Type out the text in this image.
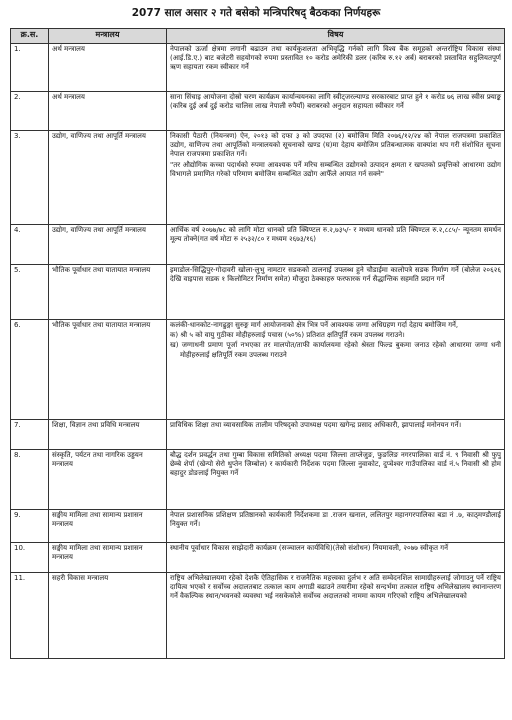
2077 साल असार २ गते बसेको मन्त्रिपरिषद् बैठकका निर्णयहरू
क्र.स.	मन्त्रालय	विषय
1.	अर्थ मन्त्रालय	नेपालको ऊर्जा क्षेत्रमा लगानी बढाउन तथा कार्यकुशलता अभिवृद्धि गर्नको लागि विश्व बैंक समूहको अन्तर्राष्ट्रिय विकास संस्था (आई.डि.ए.) बाट बजेटरी सहयोगको रुपमा प्रस्तावित १० करोड अमेरिकी डलर (करिब रु.१२ अर्ब) बराबरको प्रस्तावित सहुलियतपूर्ण ऋण सहायता रकम स्वीकार गर्ने
2.	अर्थ मन्त्रालय	साना सिंचाइ आयोजना दोस्रो चरण कार्यक्रम कार्यान्वयनका लागि स्वीट्जरल्याण्ड सरकारबाट प्राप्त हुने १ करोड ७६ लाख स्वीस फ्र्याङ्क (करिब दुई अर्ब दुई करोड चालिस लाख नेपाली रुपैयाँ) बराबरको अनुदान सहायता स्वीकार गर्ने
3.	उद्योग, वाणिज्य तथा आपूर्ति मन्त्रालय	निकासी पैठारी (नियन्त्रण) ऐन, २०१३ को दफा ३ को उपदफा (२) बमोजिम मिति २०७६/१२/२४ को नेपाल राजपत्रमा प्रकाशित उद्योग, वाणिज्य तथा आपूर्तिको मन्त्रालयको सूचनाको खण्ड (घ)मा देहाय बमोजिम प्रतिबन्धात्मक वाक्यांश थप गरी संशोधित सूचना नेपाल राजपत्रमा प्रकाशित गर्ने।
"तर औद्योगिक कच्चा पदार्थको रुपमा आवश्यक पर्ने मरिच सम्बन्धित उद्योगको उत्पादन क्षमता र खपतको प्रवृत्तिको आधारमा उद्योग विभागले प्रमाणित गरेको परिमाण बमोजिम सम्बन्धित उद्योग आफैँले आयात गर्न सक्ने"

4.	उद्योग, वाणिज्य तथा आपूर्ति मन्त्रालय	आर्थिक वर्ष २०७७/७८ को लागि मोटा धानको प्रति क्विण्टल रु.२,७३५/- र मध्यम धानको प्रति क्विण्टल रु.२,८८५/- न्यूनतम समर्थन मूल्य तोक्ने(गत वर्ष मोटा रु २५३२/८० र मध्यम २६७३/१६)
5.	भौतिक पूर्वाधार तथा यातायात मन्त्रालय	इमाडोल-सिद्धिपुर-गोदावरी खोला-लुभु नामटार सडकको ठालनाई उपलब्ध हुने चौडाईमा कालोपत्रे सडक निर्माण गर्ने (बोलेज २०६२६ देखि वाइपास सडक १ किलोमिटर निर्माण समेत) मौजुदा ठेक्काहरु फरफारक गर्न सैद्धान्तिक सहमति प्रदान गर्ने
6.	भौतिक पूर्वाधार तथा यातायात मन्त्रालय	कलंकी-धानकोट-नागढुङ्गा सुरुङ्ग मार्ग आयोजनाको क्षेत्र भित्र पर्ने आवश्यक जग्गा अधिग्रहण गर्दा देहाय बमोजिम गर्ने,
क) श्री ५ को वायु गुठीका मोहीहरुलाई पचास (५०%) प्रतिशत क्षतिपूर्ति रकम उपलब्ध गराउने।
ख) जग्गाधनी प्रमाण पूर्जा नभएका तर मालपोत/ताफी कार्यालयमा रहेको श्रेस्ता फिल्ड बुकमा जनाउ रहेको आधारमा जग्गा धनी मोहीहरुलाई क्षतिपूर्ति रकम उपलब्ध गराउने

7.	शिक्षा, विज्ञान तथा प्रविधि मन्त्रालय	प्राविधिक शिक्षा तथा व्यावसायिक तालीम परिषद्को उपाध्यक्ष पदमा खगेन्द्र प्रसाद अधिकारी, झापालाई मनोनयन गर्ने।
8.	संस्कृति, पर्यटन तथा नागरिक उड्डयन मन्त्रालय	बौद्ध दर्शन प्रवर्द्धन तथा गुम्बा विकास समितिको अध्यक्ष पदमा जिल्ला ताप्लेजुङ, फुङलिङ नगरपालिका वार्ड नं. ९ निवासी श्री फुपु छेम्बे शेर्पा (खेन्पो सेरो थुप्तेन जिम्बोल) र कार्यकारी निर्देशक पदमा जिल्ला नुवाकोट, दुप्चेश्वर गाउँपालिका वार्ड नं.५ निवासी श्री होम बहादुर डोङलाई नियुक्त गर्ने
9.	सङ्घीय मामिला तथा सामान्य प्रशासन मन्त्रालय	नेपाल प्रशासनिक प्रशिक्षण प्रतिष्ठानको कार्यकारी निर्देशकमा डा .राजन खनाल, ललितपुर महानगरपालिका बडा नं .७, काठ्मण्डौलाई नियुक्त गर्ने।
10.	सङ्घीय मामिला तथा सामान्य प्रशासन मन्त्रालय	स्थानीय पूर्वाधार विकास साझेदारी कार्यक्रम (सञ्चालन कार्यविधि)(तेस्रो संशोधन) नियमावली, २०७७ स्वीकृत गर्ने
11.	सहरी विकास मन्त्रालय	राष्ट्रिय अभिलेखालयमा रहेको देशकै ऐतिहासिक र राजनैतिक महत्त्वका दुर्लभ र अति सम्वेदनशिल सामाग्रीहरुलाई जोगाउनु पर्ने राष्ट्रिय दायित्व भएको र सर्वोच्च अदालतबाट तत्काल काम अगाडी बढाउने तयारीमा रहेको सन्दर्भमा तत्काल राष्ट्रिय अभिलेखालय स्थानान्तरण गर्ने वैकल्पिक स्थान/भवनको व्यवस्था भई नसकेकोले सर्वोच्च अदालतको नाममा कायम गरिएको राष्ट्रिय अभिलेखालयको
